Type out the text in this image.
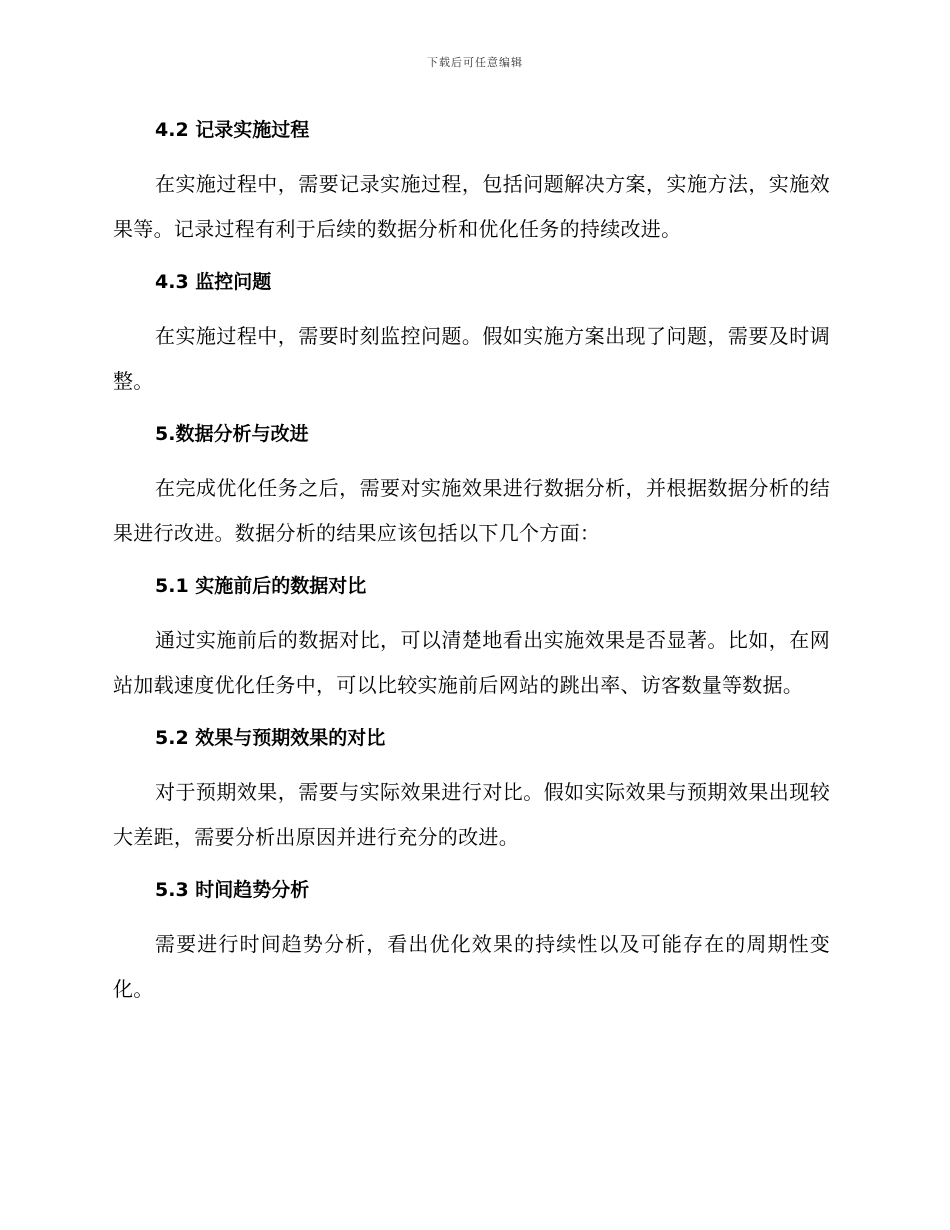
下载后可任意编辑
4.2 记录实施过程

在实施过程中，需要记录实施过程，包括问题解决方案，实施方法，实施效果等。记录过程有利于后续的数据分析和优化任务的持续改进。

4.3 监控问题

在实施过程中，需要时刻监控问题。假如实施方案出现了问题，需要及时调整。

5.数据分析与改进

在完成优化任务之后，需要对实施效果进行数据分析，并根据数据分析的结果进行改进。数据分析的结果应该包括以下几个方面：

5.1 实施前后的数据对比

通过实施前后的数据对比，可以清楚地看出实施效果是否显著。比如，在网站加载速度优化任务中，可以比较实施前后网站的跳出率、访客数量等数据。

5.2 效果与预期效果的对比

对于预期效果，需要与实际效果进行对比。假如实际效果与预期效果出现较大差距，需要分析出原因并进行充分的改进。

5.3 时间趋势分析

需要进行时间趋势分析，看出优化效果的持续性以及可能存在的周期性变化。
